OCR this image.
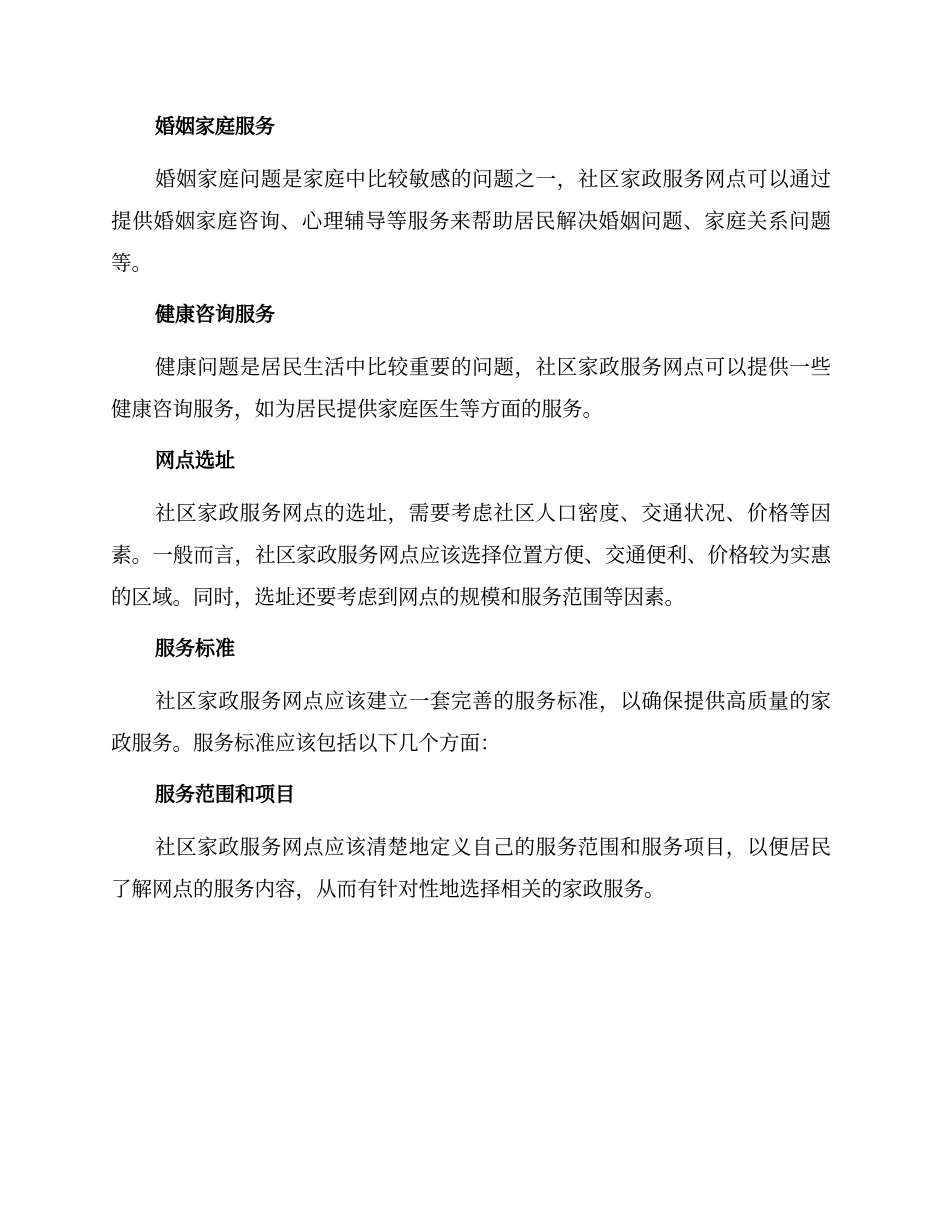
婚姻家庭服务

婚姻家庭问题是家庭中比较敏感的问题之一，社区家政服务网点可以通过提供婚姻家庭咨询、心理辅导等服务来帮助居民解决婚姻问题、家庭关系问题等。

健康咨询服务

健康问题是居民生活中比较重要的问题，社区家政服务网点可以提供一些健康咨询服务，如为居民提供家庭医生等方面的服务。

网点选址

社区家政服务网点的选址，需要考虑社区人口密度、交通状况、价格等因素。一般而言，社区家政服务网点应该选择位置方便、交通便利、价格较为实惠的区域。同时，选址还要考虑到网点的规模和服务范围等因素。

服务标准

社区家政服务网点应该建立一套完善的服务标准，以确保提供高质量的家政服务。服务标准应该包括以下几个方面：

服务范围和项目

社区家政服务网点应该清楚地定义自己的服务范围和服务项目，以便居民了解网点的服务内容，从而有针对性地选择相关的家政服务。
